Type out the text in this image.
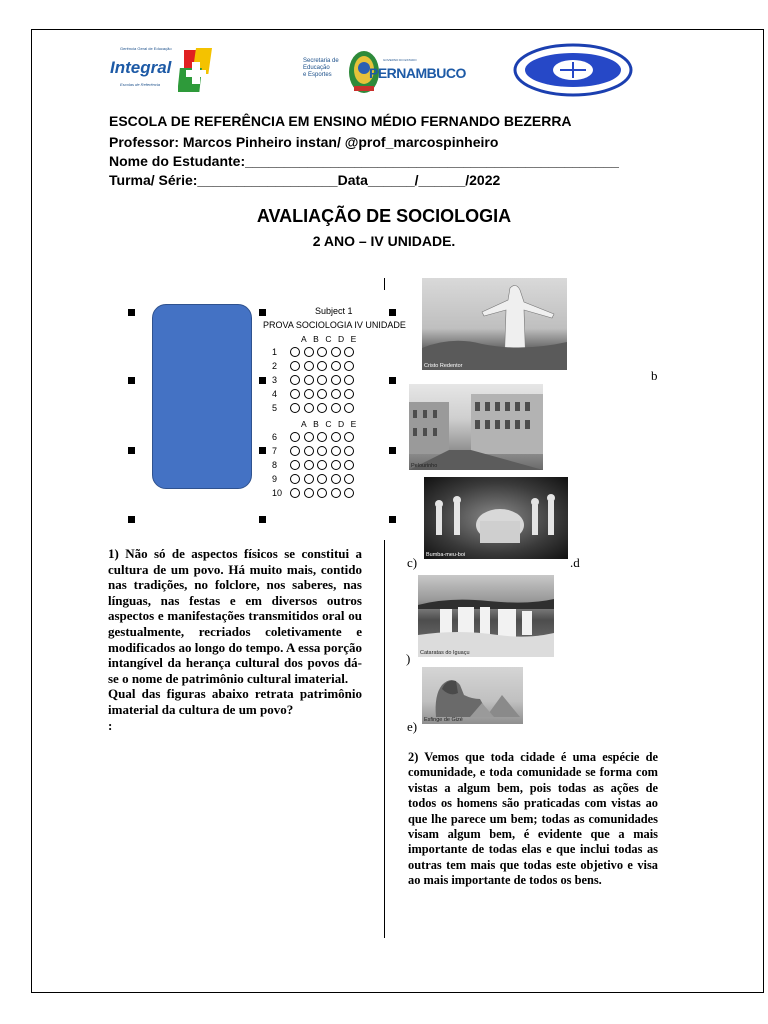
Gerência Geral de Educação
Integral
Escolas de Referência
Secretaria de
Educação
e Esportes
GOVERNO DO ESTADO
PERNAMBUCO
ESCOLA DE REFERÊNCIA EM ENSINO MÉDIO FERNANDO BEZERRA
Professor: Marcos Pinheiro instan/ @prof_marcospinheiro
Nome do Estudante:________________________________________________
Turma/ Série:__________________Data______/______/2022
AVALIAÇÃO DE SOCIOLOGIA
2 ANO – IV UNIDADE.
Subject 1
PROVA SOCIOLOGIA IV UNIDADE
ABCDE
1
2
3
4
5
ABCDE
6
7
8
9
10
Cristo Redentor
b
Pelourinho
Bumba-meu-boi
c)	.d
Cataratas do Iguaçu
)
Esfinge de Gizé
e)

1) Não só de aspectos físicos se constitui a cultura de um povo. Há muito mais, contido nas tradições, no folclore, nos saberes, nas línguas, nas festas e em diversos outros aspectos e manifestações transmitidos oral ou gestualmente, recriados coletivamente e modificados ao longo do tempo. A essa porção intangível da herança cultural dos povos dá-se o nome de patrimônio cultural imaterial.

Qual das figuras abaixo retrata patrimônio imaterial da cultura de um povo?

:

2) Vemos que toda cidade é uma espécie de comunidade, e toda comunidade se forma com vistas a algum bem, pois todas as ações de todos os homens são praticadas com vistas ao que lhe parece um bem; todas as comunidades visam algum bem, é evidente que a mais importante de todas elas e que inclui todas as outras tem mais que todas este objetivo e visa ao mais importante de todos os bens.
